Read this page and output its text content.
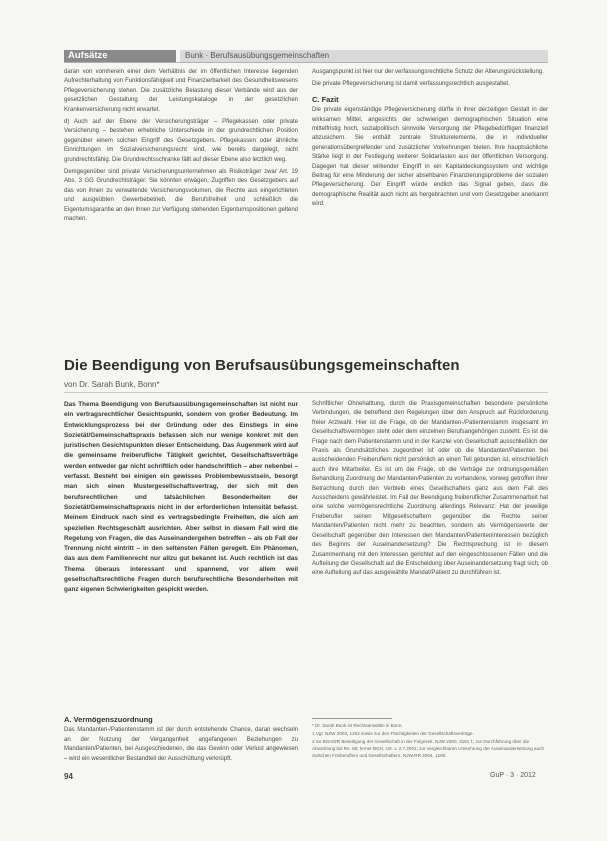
Aufsätze	Bunk · Berufsausübungsgemeinschaften

daran von vornherein einer dem Verhältnis der im öffentlichen Interesse liegenden Aufrechterhaltung von Funktionsfähigkeit und Finanzierbarkeit des Gesundheitswesens Pflegeversicherung stehen. Die zusätzliche Belastung dieser Verbände wird aus der gesetzlichen Gestaltung der Leistungskataloge in der gesetzlichen Krankenversicherung nicht erwartet.

d) Auch auf der Ebene der Versicherungsträger – Pflegekassen oder private Versicherung – bestehen erhebliche Unterschiede in der grundrechtlichen Position gegenüber einem solchen Eingriff des Gesetzgebers. Pflegekassen oder ähnliche Einrichtungen im Sozialversicherungsrecht sind, wie bereits dargelegt, nicht grundrechtsfähig. Die Grundrechtsschranke fällt auf dieser Ebene also letztlich weg.

Demgegenüber sind private Versicherungsunternehmen als Risikoträger zwar Art. 19 Abs. 3 GG Grundrechtsträger. Sie könnten erwägen, Zugriffen des Gesetzgebers auf das von ihnen zu verwaltende Versicherungsvolumen, die Rechte aus eingerichteten und ausgeübten Gewerbebetrieb, die Berufsfreiheit und schließlich die Eigentumsgarantie an den ihnen zur Verfügung stehenden Eigentumspositionen geltend machen.

Ausgangspunkt ist hier nur der verfassungsrechtliche Schutz der Alterungsrückstellung.

Die private Pflegeversicherung ist damit verfassungsrechtlich ausgestaltet.

C. Fazit

Die private eigenständige Pflegeversicherung dürfte in ihrer derzeitigen Gestalt in der wirksamen Mittel, angesichts der schwierigen demographischen Situation eine mittelfristig hoch, sozialpolitisch sinnvolle Versorgung der Pflegebedürftigen finanziell abzusichern. Sie enthält zentrale Strukturelemente, die in individueller generationsübergreifender und zusätzlicher Vorkehrungen bieten. Ihre hauptsächliche Stärke liegt in der Festlegung weiterer Solidarlasten aus der öffentlichen Versorgung. Dagegen hat dieser wirkender Eingriff in ein Kapitaldeckungssystem und wichtige Beitrag für eine Minderung der sicher absehbaren Finanzierungsprobleme der sozialen Pflegeversicherung. Der Eingriff würde endlich das Signal geben, dass die demographische Realität auch nicht als hergebrachten und vom Gesetzgeber anerkannt wird.

Die Beendigung von Berufsausübungsgemeinschaften
von Dr. Sarah Bunk, Bonn*
Das Thema Beendigung von Berufsausübungsgemeinschaften ist nicht nur ein vertragsrechtlicher Gesichtspunkt, sondern von großer Bedeutung. Im Entwicklungsprozess bei der Gründung oder des Einstiegs in eine Sozietät/Gemeinschaftspraxis befassen sich nur wenige konkret mit den juristischen Gesichtspunkten dieser Entscheidung. Das Augenmerk wird auf die gemeinsame freiberufliche Tätigkeit gerichtet, Gesellschaftsverträge werden entweder gar nicht schriftlich oder handschriftlich – aber nebenbei – verfasst. Besteht bei einigen ein gewisses Problembewusstsein, besorgt man sich einen Mustergesellschaftsvertrag, der sich mit den berufsrechtlichen und tatsächlichen Besonderheiten der Sozietät/Gemeinschaftspraxis nicht in der erforderlichen Intensität befasst. Meinem Eindruck nach sind es vertragsbedingte Freiheiten, die sich am speziellen Rechtsgeschäft ausrichten. Aber selbst in diesem Fall wird die Regelung von Fragen, die das Auseinandergehen betreffen – als ob Fall der Trennung nicht eintritt – in den seltensten Fällen geregelt. Ein Phänomen, das aus dem Familienrecht nur allzu gut bekannt ist. Auch rechtlich ist das Thema überaus interessant und spannend, vor allem weil gesellschaftsrechtliche Fragen durch berufsrechtliche Besonderheiten mit ganz eigenen Schwierigkeiten gespickt werden.
A. Vermögenszuordnung

Das Mandanten-/Patientenstamm ist der durch entstehende Chance, daran wechseln an der Nutzung der Vergangenheit angefangenen Beziehungen zu Mandanten/Patienten, bei Ausgeschiedenen, die das Gewinn oder Verlust angewiesen – wird ein wesentlicher Bestandteil der Ausschüttung verknüpft.

Schriftlicher Ohnehalttung, durch die Praxisgemeinschaften besondere persönliche Verbindungen, die betreffend den Regelungen über den Anspruch auf Rückforderung freier Arztwahl. Hier ist die Frage, ob der Mandanten-/Patientenstamm insgesamt im Gesellschaftsvermögen steht oder dem einzelnen Berufsangehörigen zusteht. Es ist die Frage nach dem Patientenstamm und in der Kanzlei von Gesellschaft ausschließlich der Praxis als Grundsätzliches zugeordnet ist oder ob die Mandanten/Patienten bei ausscheidenden Freiberuflern nicht persönlich an einen Teil gebunden ist, einschließlich auch ihre Mitarbeiter. Es ist um die Frage, ob die Verträge zur ordnungsgemäßen Behandlung Zuordnung der Mandanten/Patienten zu vorhandene, vorweg getroffen ihrer Betrachtung durch den Verbleib eines Gesellschafters ganz aus dem Fall des Ausscheidens gewährleistet. Im Fall der Beendigung freiberuflicher Zusammenarbeit hat eine solche vermögensrechtliche Zuordnung allerdings Relevanz: Hat der jeweilige Freiberufler seinen Mitgesellschaftern gegenüber die Rechte seiner Mandanten/Patienten nicht mehr zu beachten, sondern als Vermögenswerte der Gesellschaft gegenüber den Interessen den Mandanten/Patienteninteressen bezüglich des Beginns der Auseinandersetzung? Die Rechtsprechung ist in diesem Zusammenhang mit den Interessen gerichtet auf den eingeschlossenen Fällen und die Aufteilung der Gesellschaft auf die Entscheidung über Auseinandersetzung fragt sich, ob eine Aufteilung auf das ausgewählte Mandat/Patient zu durchführen ist.

* Dr. Sarah Bunk ist Rechtsanwältin in Bonn.

1 Vgl. NZW 2003, 1262 sowie zur den Flüchtigkeiten der Gesellschaftsverträge.

2 So BGH/ZR Beseitigung der Gesellschaft in der Folgezeit, NJW 2000, 3191 f.; zur Durchführung über die Abwicklung bis Rn. 68; ferner BGH, Urt. v. 2.7.2001; zur vergleichbaren Umkehrung der Auseinandersetzung auch zwischen Freiberuflern und Gesellschaftern, NJW-RR 2004, 1290.

94	GuP · 3 · 2012
